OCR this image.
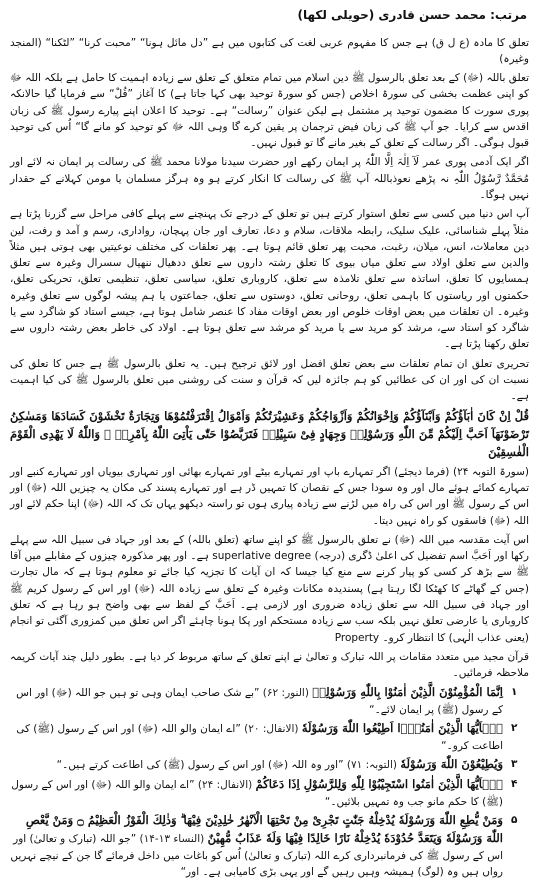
مرتب: محمد حسن قادری (حویلی لکھا)

تعلق کا مادہ (ع ل ق) ہے جس کا مفہوم عربی لغت کی کتابوں میں ہے ”دل مائل ہونا“ ”محبت کرنا“ ”لٹکنا“ (المنجد وغیرہ)

تعلق باللہ (ﷻ) کے بعد تعلق بالرسول ﷺ دین اسلام میں تمام متعلق کے تعلق سے زیادہ اہمیت کا حامل ہے بلکہ اللہ ﷻ کو اپنی عظمت بخشی کی سورۃ اخلاص (جس کو سورۃ توحید بھی کہا جاتا ہے) کا آغاز ”قُلْ“ سے فرمایا گیا حالانکہ پوری سورت کا مضمون توحید پر مشتمل ہے لیکن عنوان ”رسالت“ ہے۔ توحید کا اعلان اپنے پیارے رسول ﷺ کی زبان اقدس سے کرایا۔ جو آپ ﷺ کی زبان فیض ترجمان پر یقین کرے گا وہی اللہ ﷻ کو توحید کو مانے گا“ اُس کی توحید قبول ہوگی۔ اگر رسالت کے تعلق کے بغیر مانے گا تو قبول نہیں۔

اگر ایک آدمی پوری عمر لَآ اِلٰہَ اِلَّا اللّٰہُ پر ایمان رکھے اور حضرت سیدنا مولانا محمد ﷺ کی رسالت پر ایمان نہ لائے اور مُحَمَّدٌ رَّسُوْلُ اللّٰہِ نہ پڑھے نعوذباللہ آپ ﷺ کی رسالت کا انکار کرتے ہو وہ ہرگز مسلمان یا مومن کہلانے کے حقدار نہیں ہوگا۔

آپ اس دنیا میں کسی سے تعلق استوار کرتے ہیں تو تعلق کے درجے تک پہنچنے سے پہلے کافی مراحل سے گزرنا پڑتا ہے مثلاً پہلے شناسائی، علیک سلیک، رابطہ ملاقات، سلام و دعا، تعارف اور جان پہچان، رواداری، رسم و آمد و رفت، لین دین معاملات، انس، میلان، رغبت، محبت پھر تعلق قائم ہوتا ہے۔ پھر تعلقات کی مختلف نوعیتیں بھی ہوتی ہیں مثلاً والدین سے تعلق اولاد سے تعلق میاں بیوی کا تعلق رشتہ داروں سے تعلق ددھیال ننھیال سسرال وغیرہ سے تعلق ہمسایوں کا تعلق، اساتذہ سے تعلق تلامذہ سے تعلق، کاروباری تعلق، سیاسی تعلق، تنظیمی تعلق، تحریکی تعلق، حکمتوں اور ریاستوں کا باہمی تعلق، روحانی تعلق، دوستوں سے تعلق، جماعتوں یا ہم پیشہ لوگوں سے تعلق وغیرہ وغیرہ۔ ان تعلقات میں بعض اوقات خلوص اور بعض اوقات مفاد کا عنصر شامل ہوتا ہے، جیسے استاد کو شاگرد سے یا شاگرد کو استاد سے، مرشد کو مرید سے یا مرید کو مرشد سے تعلق ہوتا ہے۔ اولاد کی خاطر بعض رشتہ داروں سے تعلق رکھنا پڑتا ہے۔

تحریری تعلق ان تمام تعلقات سے بعض تعلق افضل اور لائق ترجیح ہیں۔ یہ تعلق بالرسول ﷺ ہے جس کا تعلق کی نسبت ان کی اور ان کی عطائیں کو ہم جائزہ لیں کہ قرآن و سنت کی روشنی میں تعلق بالرسول ﷺ کی کیا اہمیت ہے۔

قُلْ اِنْ كَانَ اٰبَآؤُكُمْ وَاَبْنَآؤُكُمْ وَاِخْوَانُكُمْ وَاَزْوَاجُكُمْ وَعَشِيْرَتُكُمْ وَاَمْوَالُ اِقْتَرَفْتُمُوْهَا وَتِجَارَةٌ تَخْشَوْنَ كَسَادَهَا وَمَسٰكِنُ تَرْضَوْنَهَآ اَحَبَّ اِلَيْكُمْ مِّنَ اللّٰهِ وَرَسُوْلِهٖ وَجِهَادٍ فِىْ سَبِيْلِهٖ فَتَرَبَّصُوْا حَتّٰى يَاْتِىَ اللّٰهُ بِاَمْرِهٖ ۗ وَاللّٰهُ لَا يَهْدِى الْقَوْمَ الْفٰسِقِيْنَ

(سورۃ التوبہ ۲۴) (فرما دیجئے) اگر تمہارے باپ اور تمہارے بیٹے اور تمہارے بھائی اور تمہاری بیویاں اور تمہارے کنبے اور تمہارے کمائے ہوئے مال اور وہ سودا جس کے نقصان کا تمہیں ڈر ہے اور تمہارے پسند کی مکان یہ چیزیں اللہ (ﷻ) اور اس کے رسول ﷺ اور اس کی راہ میں لڑنے سے زیادہ پیاری ہوں تو راستہ دیکھو یہاں تک کہ اللہ (ﷻ) اپنا حکم لائے اور اللہ (ﷻ) فاسقوں کو راہ نہیں دیتا۔

اس آیت مقدسہ میں اللہ (ﷻ) نے تعلق بالرسول ﷺ کو اپنے ساتھ (تعلق باللہ) کے بعد اور جہاد فی سبیل اللہ سے پہلے رکھا اور اَحَبَّ اسم تفضیل کی اعلیٰ ڈگری (درجہ) superlative degree ہے۔ اور پھر مذکورہ چیزوں کے مقابلے میں آقا ﷺ سے بڑھ کر کسی کو پیار کرنے سے منع کیا جیسا کہ ان آیات کا تجزیہ کیا جائے تو معلوم ہوتا ہے کہ مال تجارت (جس کے گھاٹے کا کھٹکا لگا رہتا ہے) پسندیدہ مکانات وغیرہ کے تعلق سے زیادہ اللہ (ﷻ) اور اس کے رسول کریم ﷺ اور جہاد فی سبیل اللہ سے تعلق زیادہ ضروری اور لازمی ہے۔ اَحَبَّ کے لفظ سے بھی واضح ہو رہا ہے کہ تعلق کاروباری یا عارضی تعلق نہیں بلکہ سب سے زیادہ مستحکم اور پکا ہونا چاہئے اگر اس تعلق میں کمزوری آگئی تو انجام (یعنی عذاب الٰہی) کا انتظار کرو۔ Property

قرآن مجید میں متعدد مقامات پر اللہ تبارک و تعالیٰ نے اپنے تعلق کے ساتھ مربوط کر دیا ہے۔ بطور دلیل چند آیات کریمہ ملاحظہ فرمائیں۔

۱
اِنَّمَا الْمُؤْمِنُوْنَ الَّذِيْنَ اٰمَنُوْا بِاللّٰهِ وَرَسُوْلِهٖ (النور: ۶۲) ”بے شک صاحب ایمان وہی تو ہیں جو اللہ (ﷻ) اور اس کے رسول (ﷺ) پر ایمان لائے۔“
۲
يٰۤاَيُّهَا الَّذِيْنَ اٰمَنُوْۤا اَطِيْعُوا اللّٰهَ وَرَسُوْلَهٗ (الانفال: ۲۰) ”اے ایمان والو اللہ (ﷻ) اور اس کے رسول (ﷺ) کی اطاعت کرو۔“
۳
وَيُطِيْعُوْنَ اللّٰهَ وَرَسُوْلَهٗ (التوبہ: ۷۱) ”اور وہ اللہ (ﷻ) اور اس کے رسول (ﷺ) کی اطاعت کرتے ہیں۔“
۴
يٰۤاَيُّهَا الَّذِيْنَ اٰمَنُوا اسْتَجِيْبُوْا لِلّٰهِ وَلِلرَّسُوْلِ اِذَا دَعَاكُمْ (الانفال: ۲۴) ”اے ایمان والو اللہ (ﷻ) اور اس کے رسول (ﷺ) کا حکم مانو جب وہ تمہیں بلائیں۔“
۵
وَمَنْ يُّطِعِ اللّٰهَ وَرَسُوْلَهٗ يُدْخِلْهُ جَنّٰتٍ تَجْرِىْ مِنْ تَحْتِهَا الْاَنْهٰرُ خٰلِدِيْنَ فِيْهَا ۗ وَذٰلِكَ الْفَوْزُ الْعَظِيْمُ ۝ وَمَنْ يَّعْصِ اللّٰهَ وَرَسُوْلَهٗ وَيَتَعَدَّ حُدُوْدَهٗ يُدْخِلْهُ نَارًا خَالِدًا فِيْهَا وَلَهٗ عَذَابٌ مُّهِيْنٌ (النساء ۱۳-۱۴) ”جو اللہ (تبارک و تعالیٰ) اور اس کے رسول ﷺ کی فرمانبرداری کرے اللہ (تبارک و تعالیٰ) اُس کو باغات میں داخل فرمائے گا جن کے نیچے نہریں رواں ہیں وہ (لوگ) ہمیشہ وہیں رہیں گے اور یہی بڑی کامیابی ہے۔ اور“
